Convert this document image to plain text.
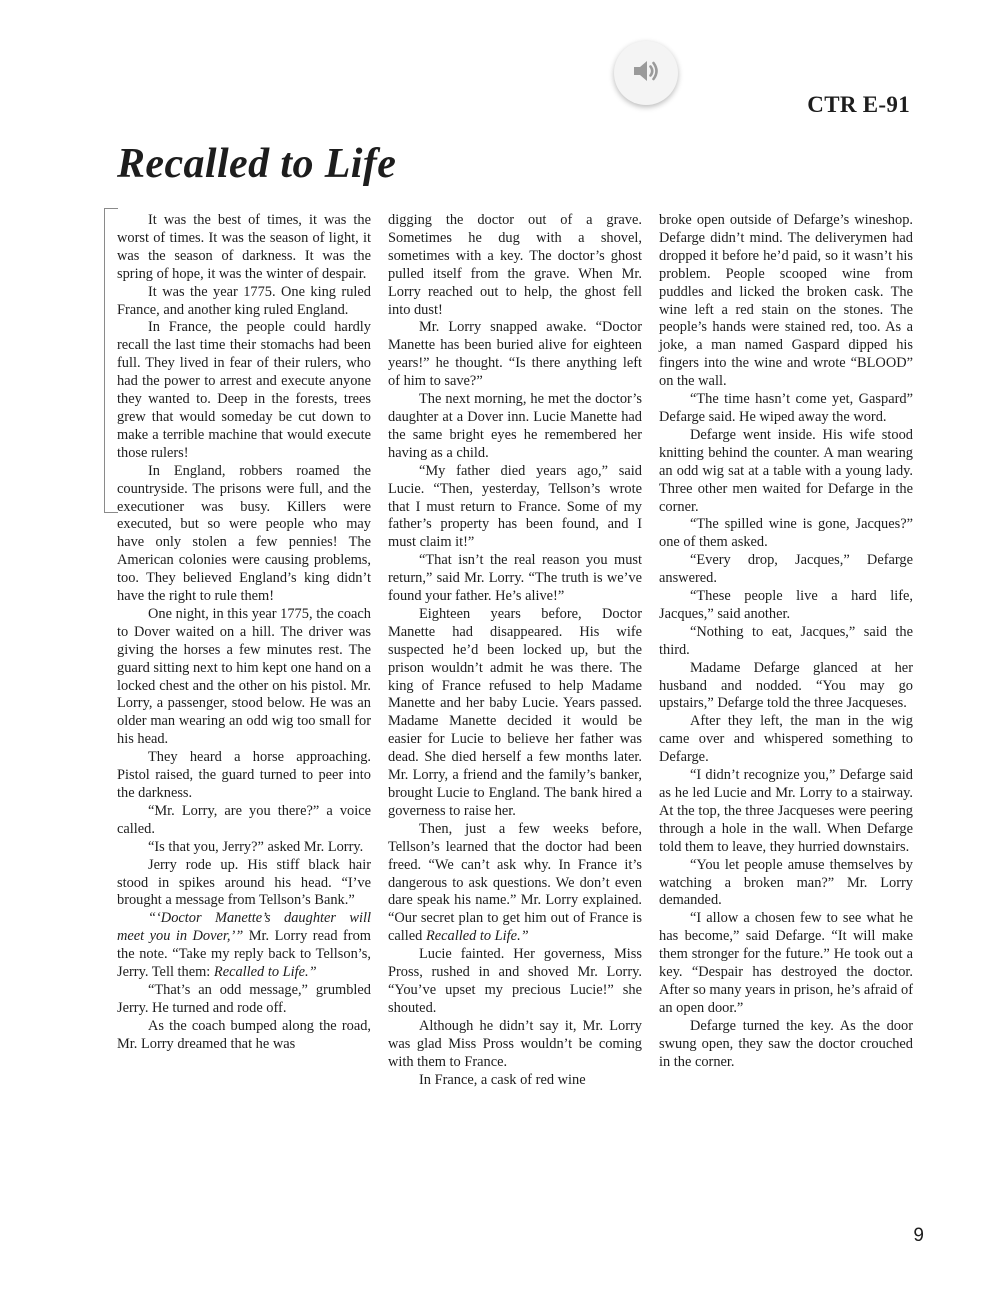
CTR E-91
Recalled to Life

It was the best of times, it was the worst of times. It was the season of light, it was the season of darkness. It was the spring of hope, it was the winter of despair.

It was the year 1775. One king ruled France, and another king ruled England.

In France, the people could hardly recall the last time their stomachs had been full. They lived in fear of their rulers, who had the power to arrest and execute anyone they wanted to. Deep in the forests, trees grew that would someday be cut down to make a terrible machine that would execute those rulers!

In England, robbers roamed the countryside. The prisons were full, and the executioner was busy. Killers were executed, but so were people who may have only stolen a few pennies! The American colonies were causing problems, too. They believed England’s king didn’t have the right to rule them!

One night, in this year 1775, the coach to Dover waited on a hill. The driver was giving the horses a few minutes rest. The guard sitting next to him kept one hand on a locked chest and the other on his pistol. Mr. Lorry, a passenger, stood below. He was an older man wearing an odd wig too small for his head.

They heard a horse approaching. Pistol raised, the guard turned to peer into the darkness.

“Mr. Lorry, are you there?” a voice called.

“Is that you, Jerry?” asked Mr. Lorry.

Jerry rode up. His stiff black hair stood in spikes around his head. “I’ve brought a message from Tellson’s Bank.”

“‘Doctor Manette’s daughter will meet you in Dover,’” Mr. Lorry read from the note. “Take my reply back to Tellson’s, Jerry. Tell them: Recalled to Life.”

“That’s an odd message,” grumbled Jerry. He turned and rode off.

As the coach bumped along the road, Mr. Lorry dreamed that he was

digging the doctor out of a grave. Sometimes he dug with a shovel, sometimes with a key. The doctor’s ghost pulled itself from the grave. When Mr. Lorry reached out to help, the ghost fell into dust!

Mr. Lorry snapped awake. “Doctor Manette has been buried alive for eighteen years!” he thought. “Is there anything left of him to save?”

The next morning, he met the doctor’s daughter at a Dover inn. Lucie Manette had the same bright eyes he remembered her having as a child.

“My father died years ago,” said Lucie. “Then, yesterday, Tellson’s wrote that I must return to France. Some of my father’s property has been found, and I must claim it!”

“That isn’t the real reason you must return,” said Mr. Lorry. “The truth is we’ve found your father. He’s alive!”

Eighteen years before, Doctor Manette had disappeared. His wife suspected he’d been locked up, but the prison wouldn’t admit he was there. The king of France refused to help Madame Manette and her baby Lucie. Years passed. Madame Manette decided it would be easier for Lucie to believe her father was dead. She died herself a few months later. Mr. Lorry, a friend and the family’s banker, brought Lucie to England. The bank hired a governess to raise her.

Then, just a few weeks before, Tellson’s learned that the doctor had been freed. “We can’t ask why. In France it’s dangerous to ask questions. We don’t even dare speak his name.” Mr. Lorry explained. “Our secret plan to get him out of France is called Recalled to Life.”

Lucie fainted. Her governess, Miss Pross, rushed in and shoved Mr. Lorry. “You’ve upset my precious Lucie!” she shouted.

Although he didn’t say it, Mr. Lorry was glad Miss Pross wouldn’t be coming with them to France.

In France, a cask of red wine

broke open outside of Defarge’s wineshop. Defarge didn’t mind. The deliverymen had dropped it before he’d paid, so it wasn’t his problem. People scooped wine from puddles and licked the broken cask. The wine left a red stain on the stones. The people’s hands were stained red, too. As a joke, a man named Gaspard dipped his fingers into the wine and wrote “BLOOD” on the wall.

“The time hasn’t come yet, Gaspard” Defarge said. He wiped away the word.

Defarge went inside. His wife stood knitting behind the counter. A man wearing an odd wig sat at a table with a young lady. Three other men waited for Defarge in the corner.

“The spilled wine is gone, Jacques?” one of them asked.

“Every drop, Jacques,” Defarge answered.

“These people live a hard life, Jacques,” said another.

“Nothing to eat, Jacques,” said the third.

Madame Defarge glanced at her husband and nodded. “You may go upstairs,” Defarge told the three Jacqueses.

After they left, the man in the wig came over and whispered something to Defarge.

“I didn’t recognize you,” Defarge said as he led Lucie and Mr. Lorry to a stairway. At the top, the three Jacqueses were peering through a hole in the wall. When Defarge told them to leave, they hurried downstairs.

“You let people amuse themselves by watching a broken man?” Mr. Lorry demanded.

“I allow a chosen few to see what he has become,” said Defarge. “It will make them stronger for the future.” He took out a key. “Despair has destroyed the doctor. After so many years in prison, he’s afraid of an open door.”

Defarge turned the key. As the door swung open, they saw the doctor crouched in the corner.

9
